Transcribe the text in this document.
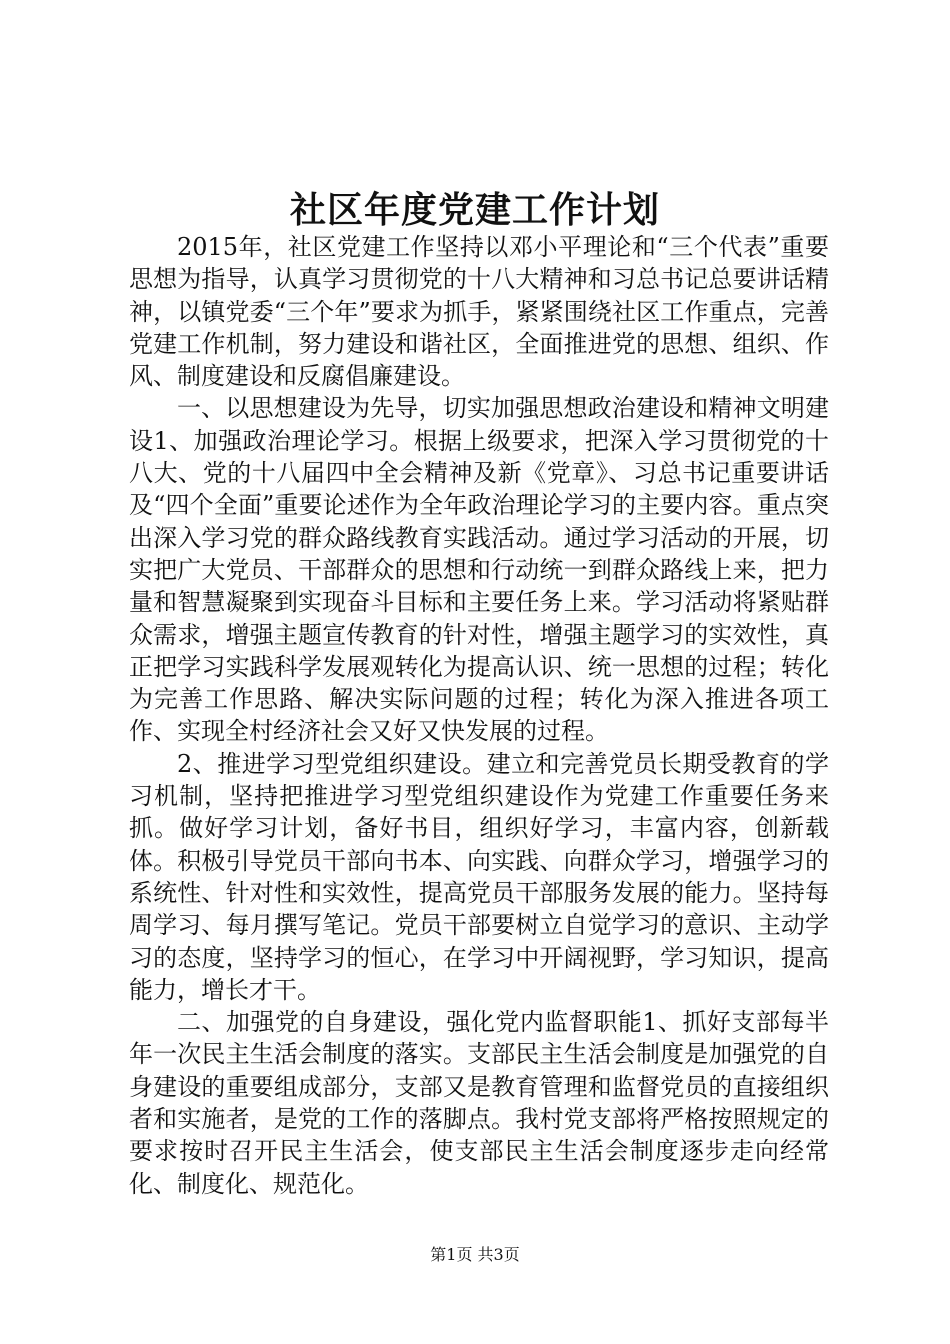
社区年度党建工作计划

2015年，社区党建工作坚持以邓小平理论和“三个代表”重要思想为指导，认真学习贯彻党的十八大精神和习总书记总要讲话精神，以镇党委“三个年”要求为抓手，紧紧围绕社区工作重点，完善党建工作机制，努力建设和谐社区，全面推进党的思想、组织、作风、制度建设和反腐倡廉建设。

一、以思想建设为先导，切实加强思想政治建设和精神文明建设1、加强政治理论学习。根据上级要求，把深入学习贯彻党的十八大、党的十八届四中全会精神及新《党章》、习总书记重要讲话及“四个全面”重要论述作为全年政治理论学习的主要内容。重点突出深入学习党的群众路线教育实践活动。通过学习活动的开展，切实把广大党员、干部群众的思想和行动统一到群众路线上来，把力量和智慧凝聚到实现奋斗目标和主要任务上来。学习活动将紧贴群众需求，增强主题宣传教育的针对性，增强主题学习的实效性，真正把学习实践科学发展观转化为提高认识、统一思想的过程；转化为完善工作思路、解决实际问题的过程；转化为深入推进各项工作、实现全村经济社会又好又快发展的过程。

2、推进学习型党组织建设。建立和完善党员长期受教育的学习机制，坚持把推进学习型党组织建设作为党建工作重要任务来抓。做好学习计划，备好书目，组织好学习，丰富内容，创新载体。积极引导党员干部向书本、向实践、向群众学习，增强学习的系统性、针对性和实效性，提高党员干部服务发展的能力。坚持每周学习、每月撰写笔记。党员干部要树立自觉学习的意识、主动学习的态度，坚持学习的恒心，在学习中开阔视野，学习知识，提高能力，增长才干。

二、加强党的自身建设，强化党内监督职能1、抓好支部每半年一次民主生活会制度的落实。支部民主生活会制度是加强党的自身建设的重要组成部分，支部又是教育管理和监督党员的直接组织者和实施者，是党的工作的落脚点。我村党支部将严格按照规定的要求按时召开民主生活会，使支部民主生活会制度逐步走向经常化、制度化、规范化。

第1页 共3页
